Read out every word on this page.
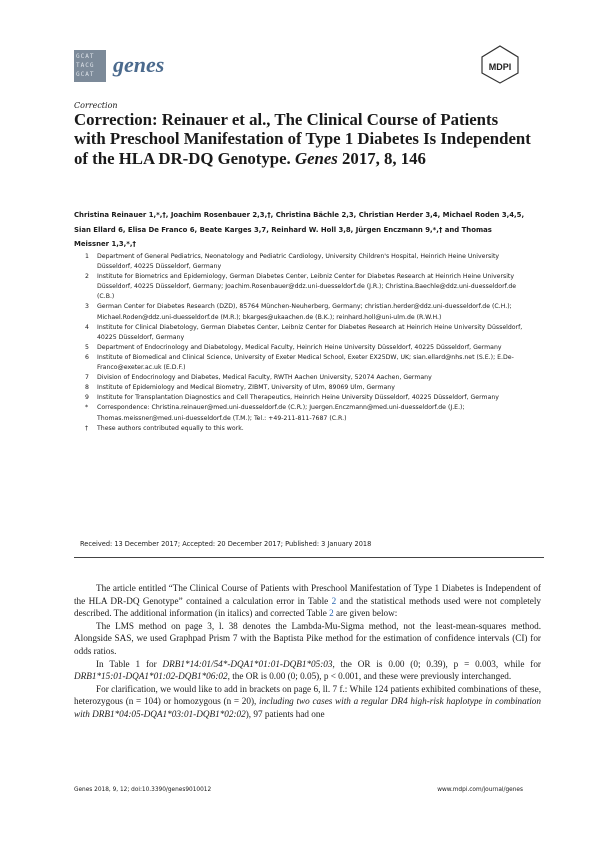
GCAT
TACG
GCAT genes	MDPI
Correction
Correction: Reinauer et al., The Clinical Course of Patients with Preschool Manifestation of Type 1 Diabetes Is Independent of the HLA DR-DQ Genotype. Genes 2017, 8, 146
Christina Reinauer 1,*,†, Joachim Rosenbauer 2,3,†, Christina Bächle 2,3, Christian Herder 3,4, Michael Roden 3,4,5, Sian Ellard 6, Elisa De Franco 6, Beate Karges 3,7, Reinhard W. Holl 3,8, Jürgen Enczmann 9,*,† and Thomas Meissner 1,3,*,†
1 Department of General Pediatrics, Neonatology and Pediatric Cardiology, University Children's Hospital, Heinrich Heine University Düsseldorf, 40225 Düsseldorf, Germany
2 Institute for Biometrics and Epidemiology, German Diabetes Center, Leibniz Center for Diabetes Research at Heinrich Heine University Düsseldorf, 40225 Düsseldorf, Germany; Joachim.Rosenbauer@ddz.uni-duesseldorf.de (J.R.); Christina.Baechle@ddz.uni-duesseldorf.de (C.B.)
3 German Center for Diabetes Research (DZD), 85764 München-Neuherberg, Germany; christian.herder@ddz.uni-duesseldorf.de (C.H.); Michael.Roden@ddz.uni-duesseldorf.de (M.R.); bkarges@ukaachen.de (B.K.); reinhard.holl@uni-ulm.de (R.W.H.)
4 Institute for Clinical Diabetology, German Diabetes Center, Leibniz Center for Diabetes Research at Heinrich Heine University Düsseldorf, 40225 Düsseldorf, Germany
5 Department of Endocrinology and Diabetology, Medical Faculty, Heinrich Heine University Düsseldorf, 40225 Düsseldorf, Germany
6 Institute of Biomedical and Clinical Science, University of Exeter Medical School, Exeter EX25DW, UK; sian.ellard@nhs.net (S.E.); E.De-Franco@exeter.ac.uk (E.D.F.)
7 Division of Endocrinology and Diabetes, Medical Faculty, RWTH Aachen University, 52074 Aachen, Germany
8 Institute of Epidemiology and Medical Biometry, ZIBMT, University of Ulm, 89069 Ulm, Germany
9 Institute for Transplantation Diagnostics and Cell Therapeutics, Heinrich Heine University Düsseldorf, 40225 Düsseldorf, Germany
* Correspondence: Christina.reinauer@med.uni-duesseldorf.de (C.R.); Juergen.Enczmann@med.uni-duesseldorf.de (J.E.); Thomas.meissner@med.uni-duesseldorf.de (T.M.); Tel.: +49-211-811-7687 (C.R.)
† These authors contributed equally to this work.
Received: 13 December 2017; Accepted: 20 December 2017; Published: 3 January 2018

The article entitled “The Clinical Course of Patients with Preschool Manifestation of Type 1 Diabetes is Independent of the HLA DR-DQ Genotype” contained a calculation error in Table 2 and the statistical methods used were not completely described. The additional information (in italics) and corrected Table 2 are given below:

The LMS method on page 3, l. 38 denotes the Lambda-Mu-Sigma method, not the least-mean-squares method. Alongside SAS, we used Graphpad Prism 7 with the Baptista Pike method for the estimation of confidence intervals (CI) for odds ratios.

In Table 1 for DRB1*14:01/54*-DQA1*01:01-DQB1*05:03, the OR is 0.00 (0; 0.39), p = 0.003, while for DRB1*15:01-DQA1*01:02-DQB1*06:02, the OR is 0.00 (0; 0.05), p < 0.001, and these were previously interchanged.

For clarification, we would like to add in brackets on page 6, ll. 7 f.: While 124 patients exhibited combinations of these, heterozygous (n = 104) or homozygous (n = 20), including two cases with a regular DR4 high-risk haplotype in combination with DRB1*04:05-DQA1*03:01-DQB1*02:02), 97 patients had one

Genes 2018, 9, 12; doi:10.3390/genes9010012	www.mdpi.com/journal/genes
